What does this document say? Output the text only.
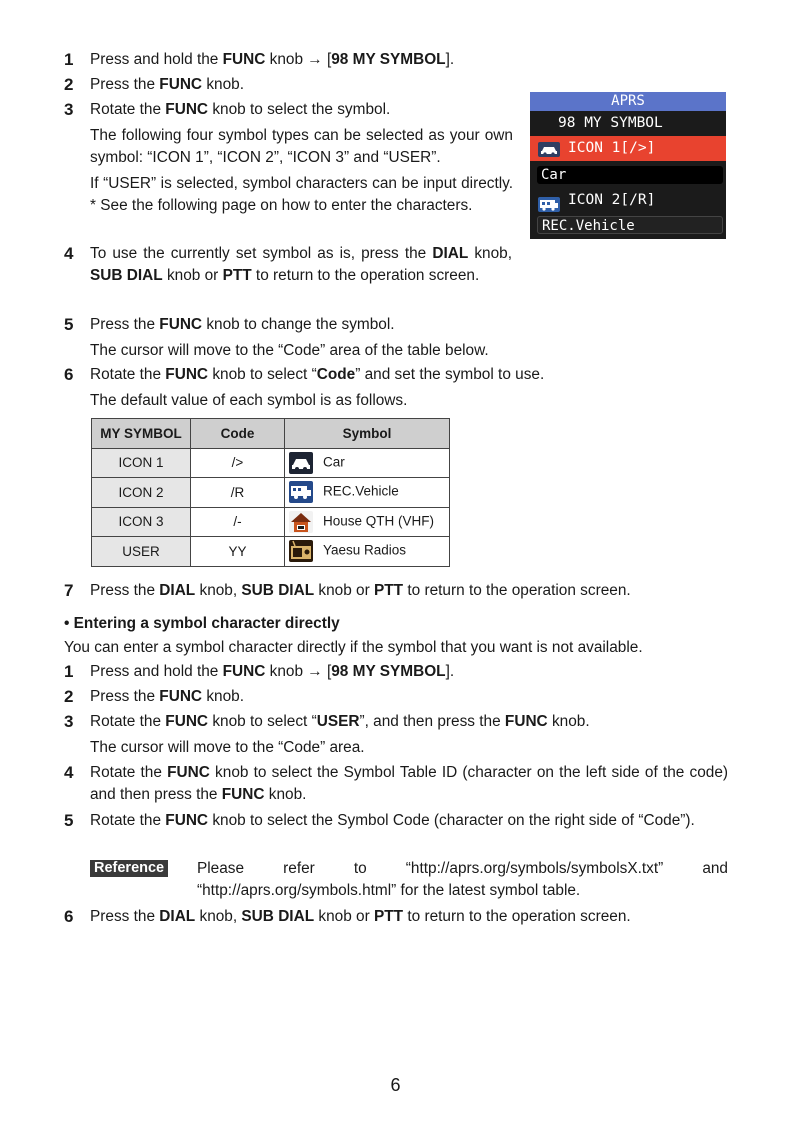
1 Press and hold the FUNC knob → [98 MY SYMBOL].
2 Press the FUNC knob.
3 Rotate the FUNC knob to select the symbol.
The following four symbol types can be selected as your own symbol: “ICON 1”, “ICON 2”, “ICON 3” and “USER”.
If “USER” is selected, symbol characters can be input directly. * See the following page on how to enter the characters.
4 To use the currently set symbol as is, press the DIAL knob, SUB DIAL knob or PTT to return to the operation screen.
5 Press the FUNC knob to change the symbol.
The cursor will move to the “Code” area of the table below.
6 Rotate the FUNC knob to select “Code” and set the symbol to use.
The default value of each symbol is as follows.
APRS
98 MY SYMBOL
ICON 1[/>]
Car
ICON 2[/R]
REC.Vehicle
MY SYMBOL	Code	Symbol
ICON 1	/>	Car
ICON 2	/R	REC.Vehicle
ICON 3	/-	House QTH (VHF)
USER	YY	Yaesu Radios
7 Press the DIAL knob, SUB DIAL knob or PTT to return to the operation screen.
• Entering a symbol character directly
You can enter a symbol character directly if the symbol that you want is not available.
1 Press and hold the FUNC knob → [98 MY SYMBOL].
2 Press the FUNC knob.
3 Rotate the FUNC knob to select “USER”, and then press the FUNC knob.
The cursor will move to the “Code” area.
4 Rotate the FUNC knob to select the Symbol Table ID (character on the left side of the code) and then press the FUNC knob.
5 Rotate the FUNC knob to select the Symbol Code (character on the right side of “Code”).
Reference Please refer to “http://aprs.org/symbols/symbolsX.txt” and “http://aprs.org/symbols.html” for the latest symbol table.
6 Press the DIAL knob, SUB DIAL knob or PTT to return to the operation screen.
6
